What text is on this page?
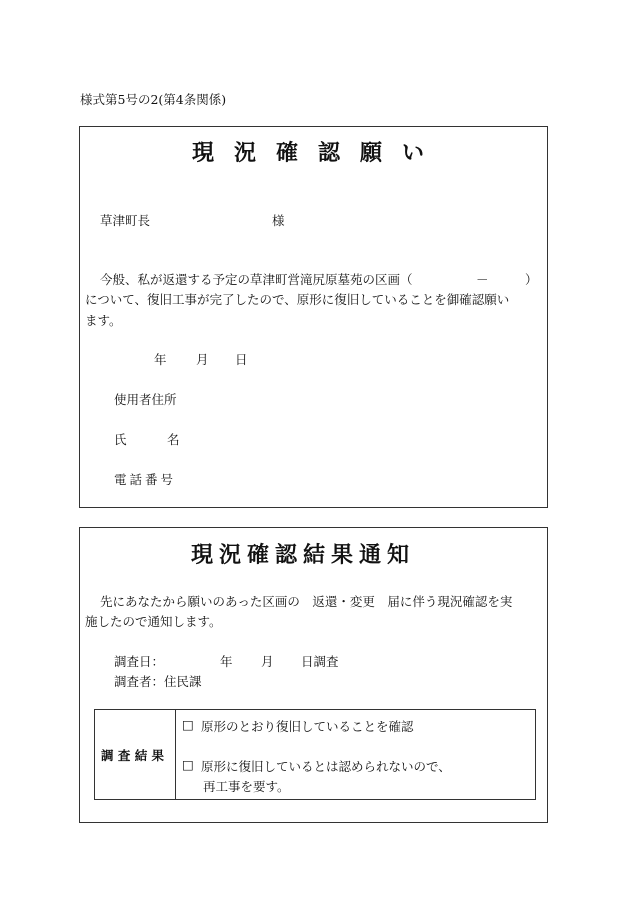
様式第5号の2(第4条関係)
現況確認願い
草津町長	様
今般、私が返還する予定の草津町営滝尻原墓苑の区画（	－	）
について、復旧工事が完了したので、原形に復旧していることを御確認願い
ます。
年 月 日
使用者住所
氏	名
電話番号
現況確認結果通知
先にあなたから願いのあった区画の　返還・変更　届に伴う現況確認を実
施したので通知します。
調査日：	年 月 日調査
調査者：住民課
調 査 結 果
□ 原形のとおり復旧していることを確認
□ 原形に復旧しているとは認められないので、
再工事を要す。
